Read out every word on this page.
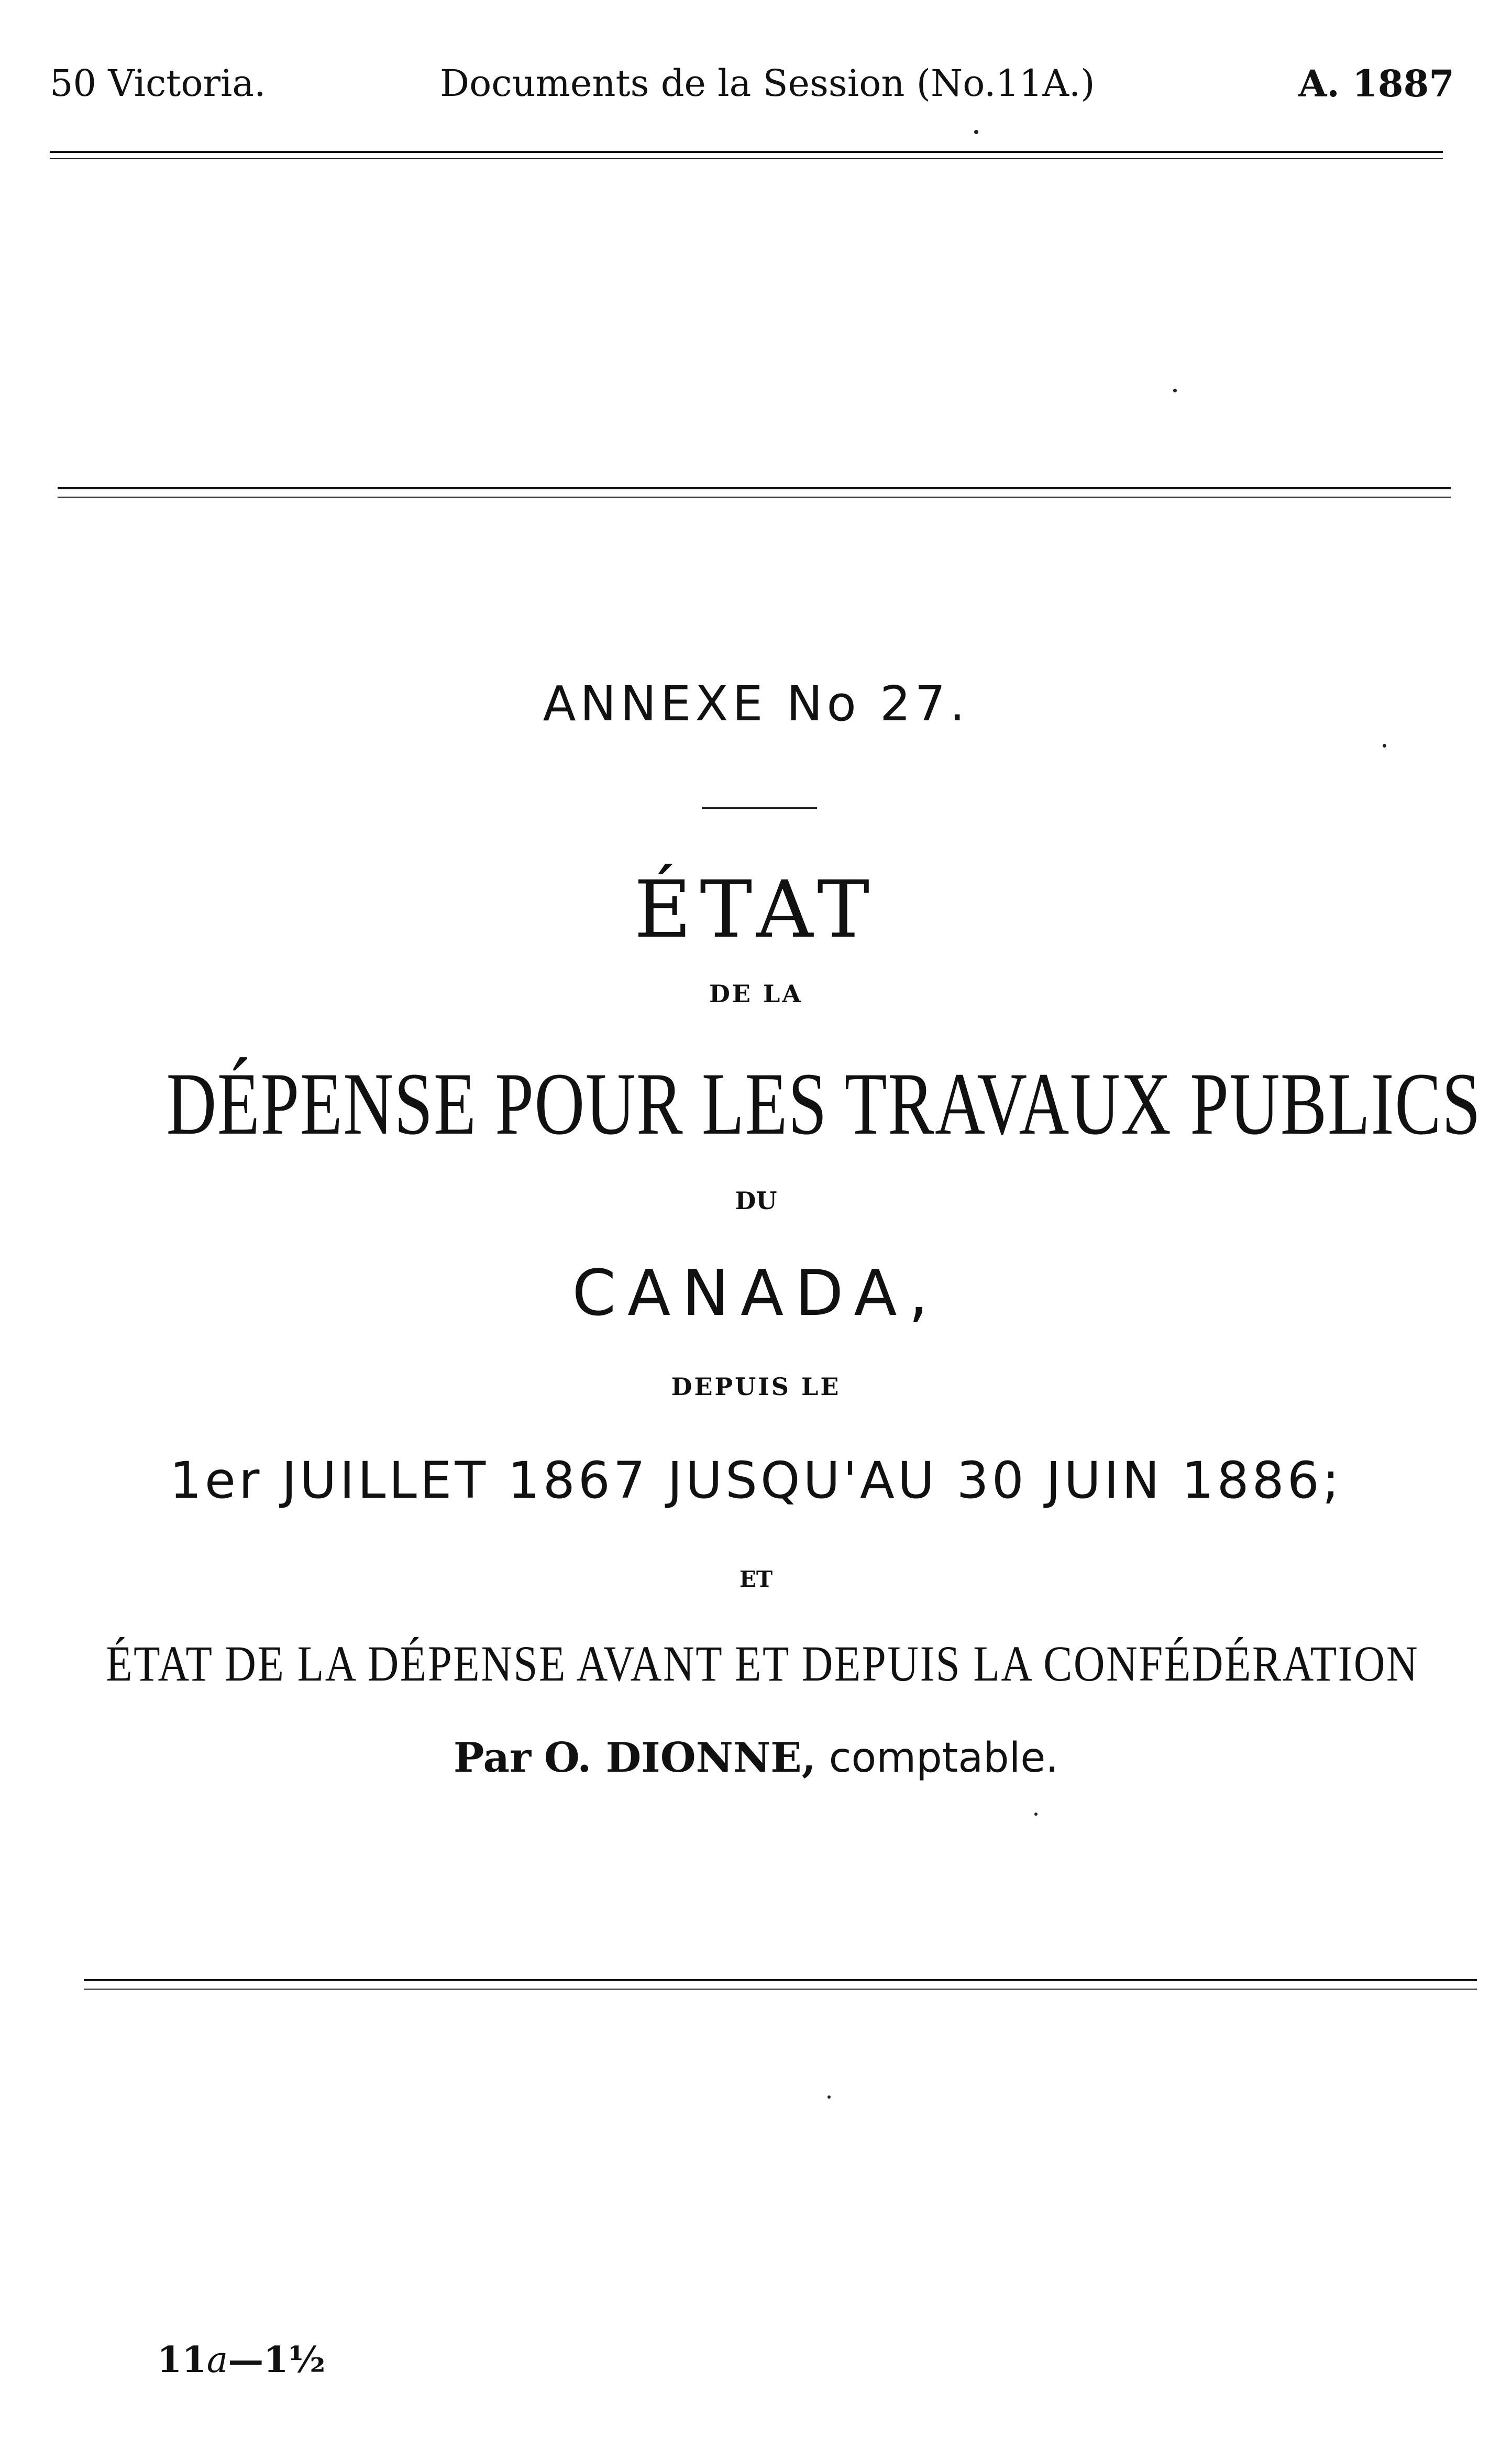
50 Victoria.	Documents de la Session (No.11A.)	A. 1887
ANNEXE No 27.
ÉTAT
DE LA
DÉPENSE POUR LES TRAVAUX PUBLICS
DU
CANADA,
DEPUIS LE
1er JUILLET 1867 JUSQU'AU 30 JUIN 1886;
ET
ÉTAT DE LA DÉPENSE AVANT ET DEPUIS LA CONFÉDÉRATION
Par O. DIONNE, comptable.
11a—1½
